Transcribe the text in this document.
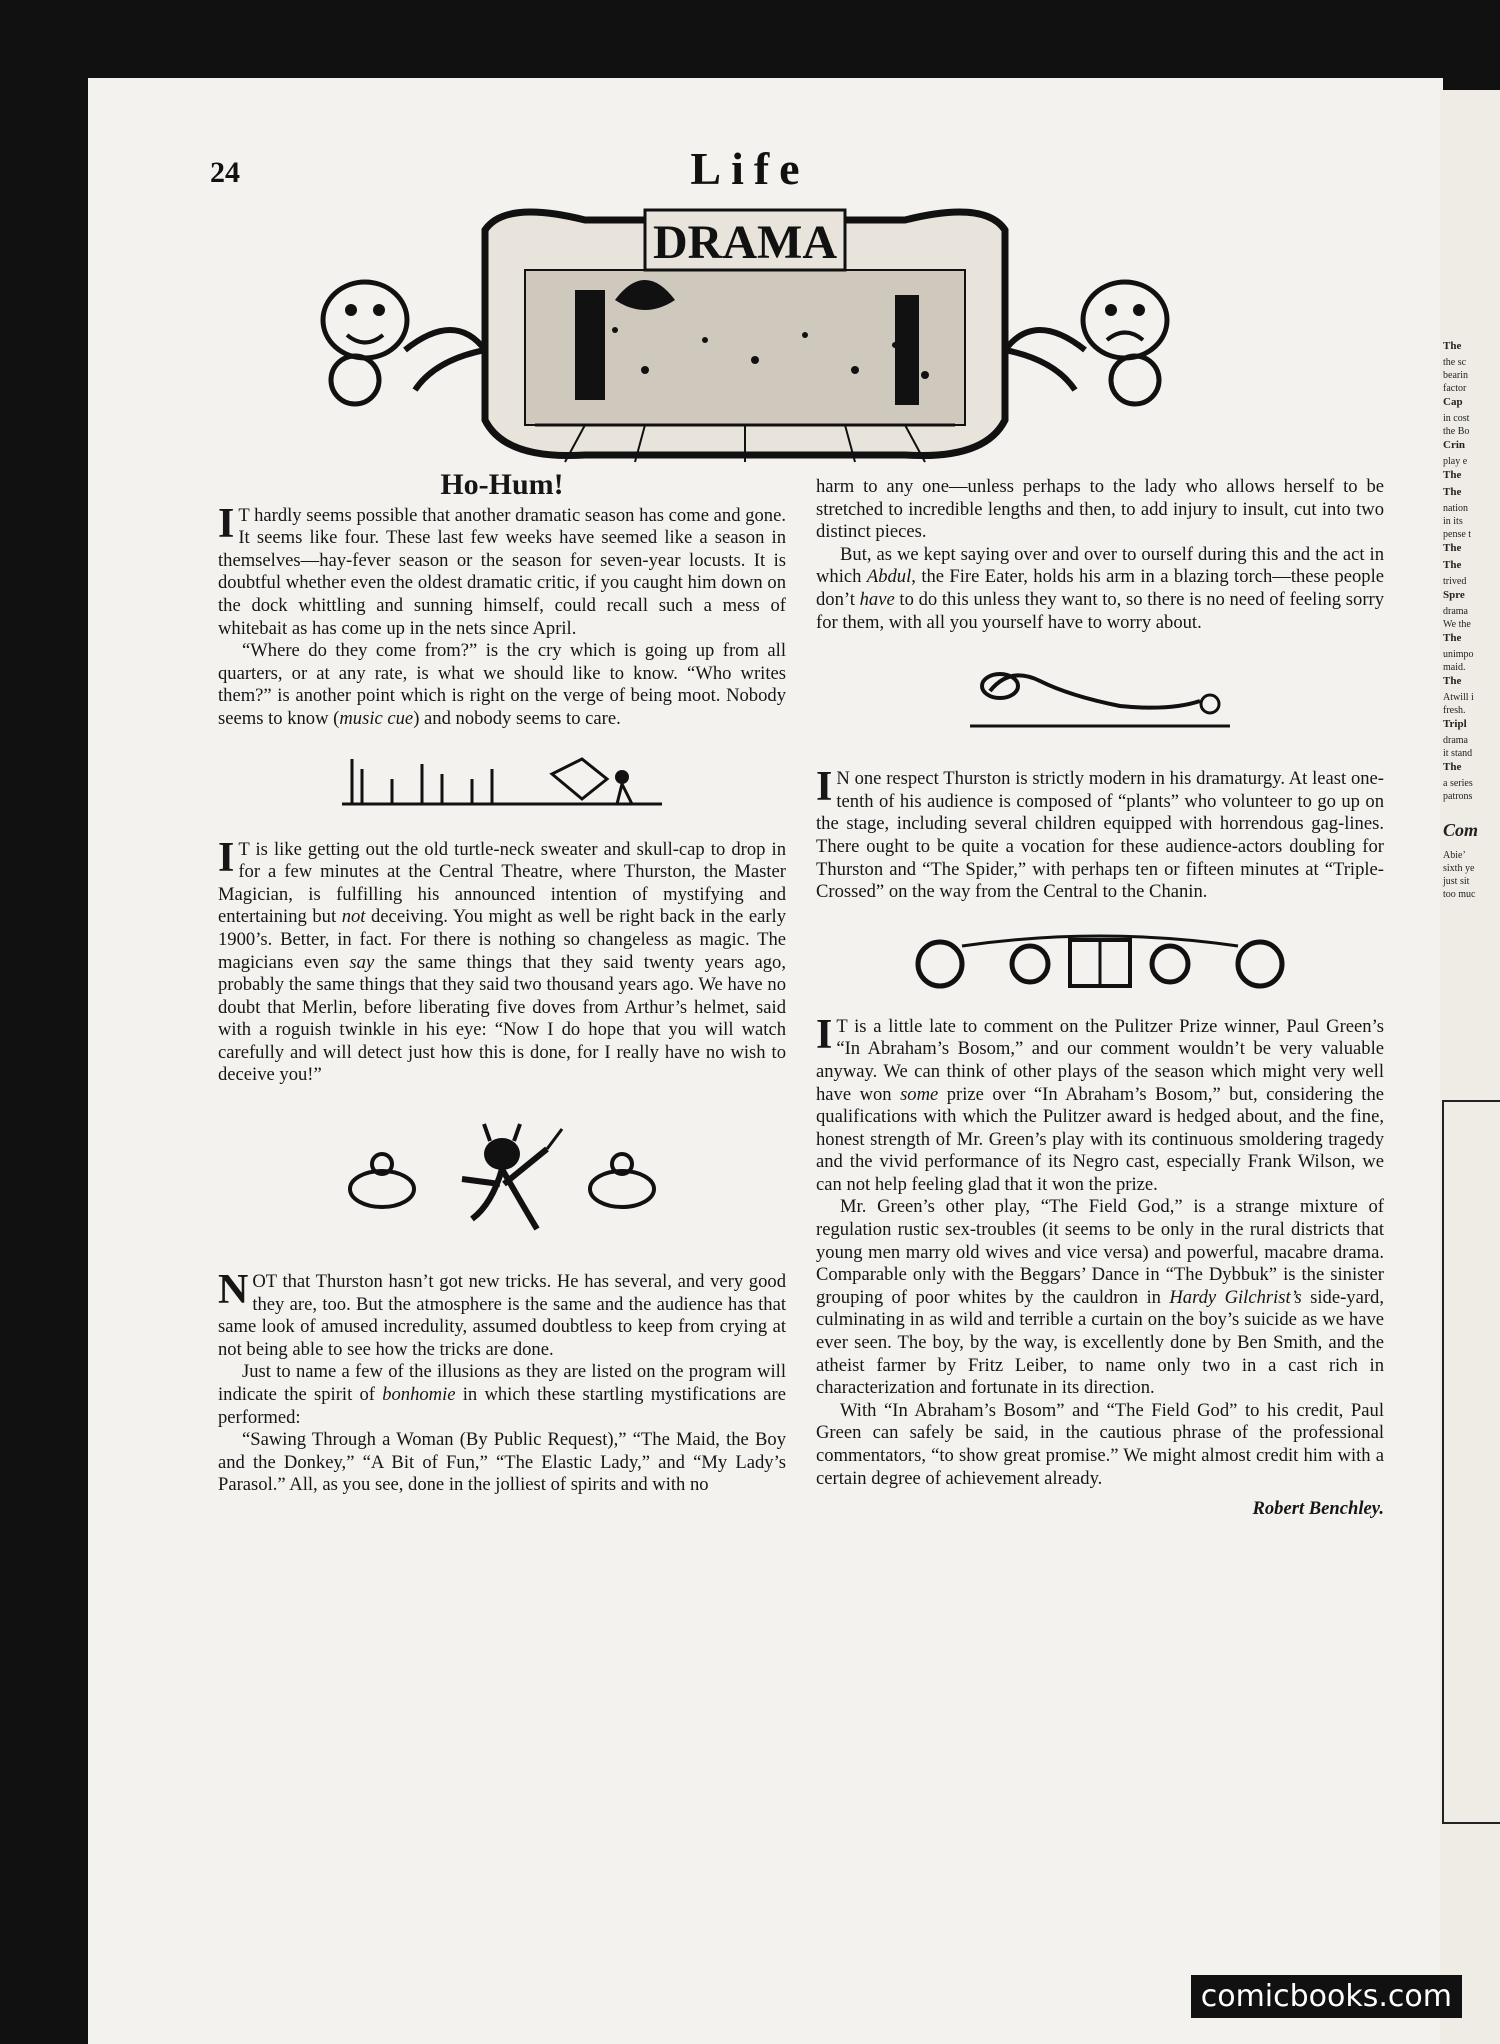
The
the sc
bearin
factor
Cap
in cost
the Bo
Crin
play e
The
The
nation
in its
pense t
The
The
trived
Spre
drama
We the
The
unimpo
maid.
The
Atwill i
fresh.
Tripl
drama
it stand
The
a series
patrons
Com
Abie’
sixth ye
just sit
too muc
24	Life
DRAMA
Ho-Hum!

I T hardly seems possible that another dramatic season has come and gone. It seems like four. These last few weeks have seemed like a season in themselves—hay-fever season or the season for seven-year locusts. It is doubtful whether even the oldest dramatic critic, if you caught him down on the dock whittling and sunning himself, could recall such a mess of whitebait as has come up in the nets since April.

“Where do they come from?” is the cry which is going up from all quarters, or at any rate, is what we should like to know. “Who writes them?” is another point which is right on the verge of being moot. Nobody seems to know (music cue) and nobody seems to care.

I T is like getting out the old turtle-neck sweater and skull-cap to drop in for a few minutes at the Central Theatre, where Thurston, the Master Magician, is fulfilling his announced intention of mystifying and entertaining but not deceiving. You might as well be right back in the early 1900’s. Better, in fact. For there is nothing so changeless as magic. The magicians even say the same things that they said twenty years ago, probably the same things that they said two thousand years ago. We have no doubt that Merlin, before liberating five doves from Arthur’s helmet, said with a roguish twinkle in his eye: “Now I do hope that you will watch carefully and will detect just how this is done, for I really have no wish to deceive you!”

NOT that Thurston hasn’t got new tricks. He has several, and very good they are, too. But the atmosphere is the same and the audience has that same look of amused incredulity, assumed doubtless to keep from crying at not being able to see how the tricks are done.

Just to name a few of the illusions as they are listed on the program will indicate the spirit of bonhomie in which these startling mystifications are performed:

“Sawing Through a Woman (By Public Request),” “The Maid, the Boy and the Donkey,” “A Bit of Fun,” “The Elastic Lady,” and “My Lady’s Parasol.” All, as you see, done in the jolliest of spirits and with no

harm to any one—unless perhaps to the lady who allows herself to be stretched to incredible lengths and then, to add injury to insult, cut into two distinct pieces.

But, as we kept saying over and over to ourself during this and the act in which Abdul, the Fire Eater, holds his arm in a blazing torch—these people don’t have to do this unless they want to, so there is no need of feeling sorry for them, with all you yourself have to worry about.

I N one respect Thurston is strictly modern in his dramaturgy. At least one-tenth of his audience is composed of “plants” who volunteer to go up on the stage, including several children equipped with horrendous gag-lines. There ought to be quite a vocation for these audience-actors doubling for Thurston and “The Spider,” with perhaps ten or fifteen minutes at “Triple-Crossed” on the way from the Central to the Chanin.

I T is a little late to comment on the Pulitzer Prize winner, Paul Green’s “In Abraham’s Bosom,” and our comment wouldn’t be very valuable anyway. We can think of other plays of the season which might very well have won some prize over “In Abraham’s Bosom,” but, considering the qualifications with which the Pulitzer award is hedged about, and the fine, honest strength of Mr. Green’s play with its continuous smoldering tragedy and the vivid performance of its Negro cast, especially Frank Wilson, we can not help feeling glad that it won the prize.

Mr. Green’s other play, “The Field God,” is a strange mixture of regulation rustic sex-troubles (it seems to be only in the rural districts that young men marry old wives and vice versa) and powerful, macabre drama. Comparable only with the Beggars’ Dance in “The Dybbuk” is the sinister grouping of poor whites by the cauldron in Hardy Gilchrist’s side-yard, culminating in as wild and terrible a curtain on the boy’s suicide as we have ever seen. The boy, by the way, is excellently done by Ben Smith, and the atheist farmer by Fritz Leiber, to name only two in a cast rich in characterization and fortunate in its direction.

With “In Abraham’s Bosom” and “The Field God” to his credit, Paul Green can safely be said, in the cautious phrase of the professional commentators, “to show great promise.” We might almost credit him with a certain degree of achievement already.

Robert Benchley.
comicbooks.com
